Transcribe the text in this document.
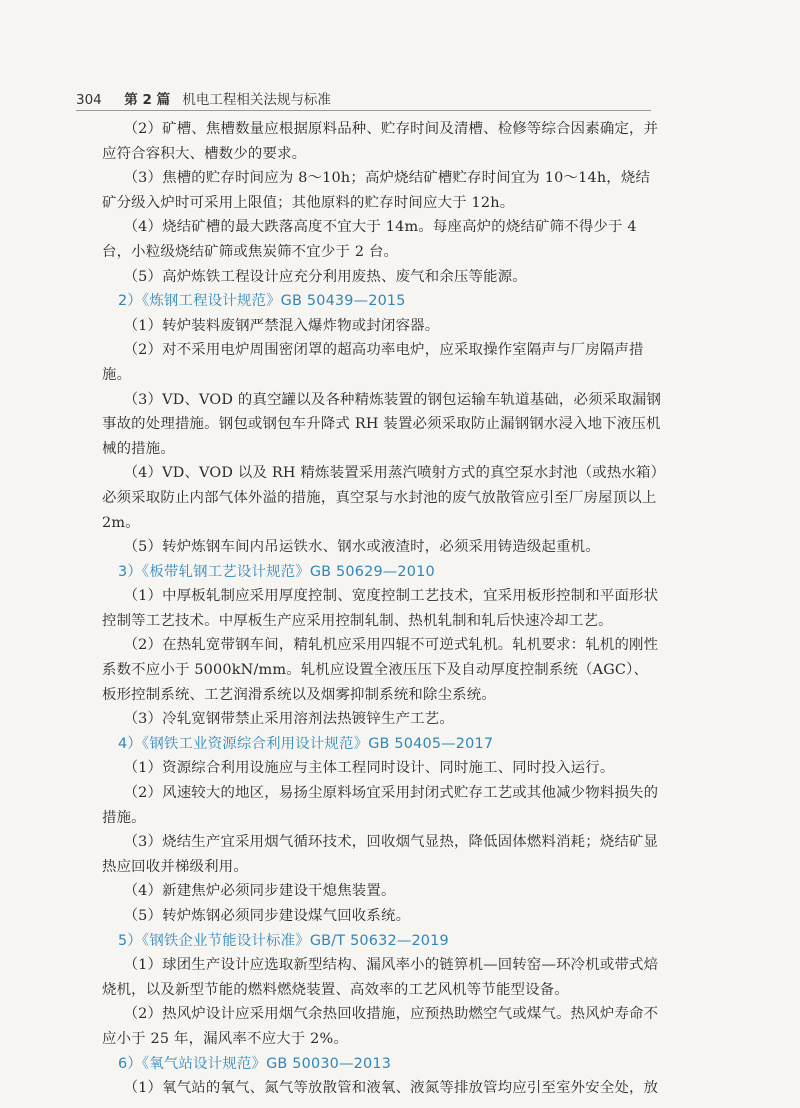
304 第 2 篇 机电工程相关法规与标准

（2）矿槽、焦槽数量应根据原料品种、贮存时间及清槽、检修等综合因素确定，并应符合容积大、槽数少的要求。

（3）焦槽的贮存时间应为 8～10h；高炉烧结矿槽贮存时间宜为 10～14h，烧结矿分级入炉时可采用上限值；其他原料的贮存时间应大于 12h。

（4）烧结矿槽的最大跌落高度不宜大于 14m。每座高炉的烧结矿筛不得少于 4 台，小粒级烧结矿筛或焦炭筛不宜少于 2 台。

（5）高炉炼铁工程设计应充分利用废热、废气和余压等能源。

2）《炼钢工程设计规范》GB 50439—2015

（1）转炉装料废钢严禁混入爆炸物或封闭容器。

（2）对不采用电炉周围密闭罩的超高功率电炉，应采取操作室隔声与厂房隔声措施。

（3）VD、VOD 的真空罐以及各种精炼装置的钢包运输车轨道基础，必须采取漏钢事故的处理措施。钢包或钢包车升降式 RH 装置必须采取防止漏钢钢水浸入地下液压机械的措施。

（4）VD、VOD 以及 RH 精炼装置采用蒸汽喷射方式的真空泵水封池（或热水箱）必须采取防止内部气体外溢的措施，真空泵与水封池的废气放散管应引至厂房屋顶以上 2m。

（5）转炉炼钢车间内吊运铁水、钢水或液渣时，必须采用铸造级起重机。

3）《板带轧钢工艺设计规范》GB 50629—2010

（1）中厚板轧制应采用厚度控制、宽度控制工艺技术，宜采用板形控制和平面形状控制等工艺技术。中厚板生产应采用控制轧制、热机轧制和轧后快速冷却工艺。

（2）在热轧宽带钢车间，精轧机应采用四辊不可逆式轧机。轧机要求：轧机的刚性系数不应小于 5000kN/mm。轧机应设置全液压压下及自动厚度控制系统（AGC）、板形控制系统、工艺润滑系统以及烟雾抑制系统和除尘系统。

（3）冷轧宽钢带禁止采用溶剂法热镀锌生产工艺。

4）《钢铁工业资源综合利用设计规范》GB 50405—2017

（1）资源综合利用设施应与主体工程同时设计、同时施工、同时投入运行。

（2）风速较大的地区，易扬尘原料场宜采用封闭式贮存工艺或其他减少物料损失的措施。

（3）烧结生产宜采用烟气循环技术，回收烟气显热，降低固体燃料消耗；烧结矿显热应回收并梯级利用。

（4）新建焦炉必须同步建设干熄焦装置。

（5）转炉炼钢必须同步建设煤气回收系统。

5）《钢铁企业节能设计标准》GB/T 50632—2019

（1）球团生产设计应选取新型结构、漏风率小的链箅机—回转窑—环冷机或带式焙烧机，以及新型节能的燃料燃烧装置、高效率的工艺风机等节能型设备。

（2）热风炉设计应采用烟气余热回收措施，应预热助燃空气或煤气。热风炉寿命不应小于 25 年，漏风率不应大于 2%。

6）《氧气站设计规范》GB 50030—2013

（1）氧气站的氧气、氮气等放散管和液氧、液氮等排放管均应引至室外安全处，放
